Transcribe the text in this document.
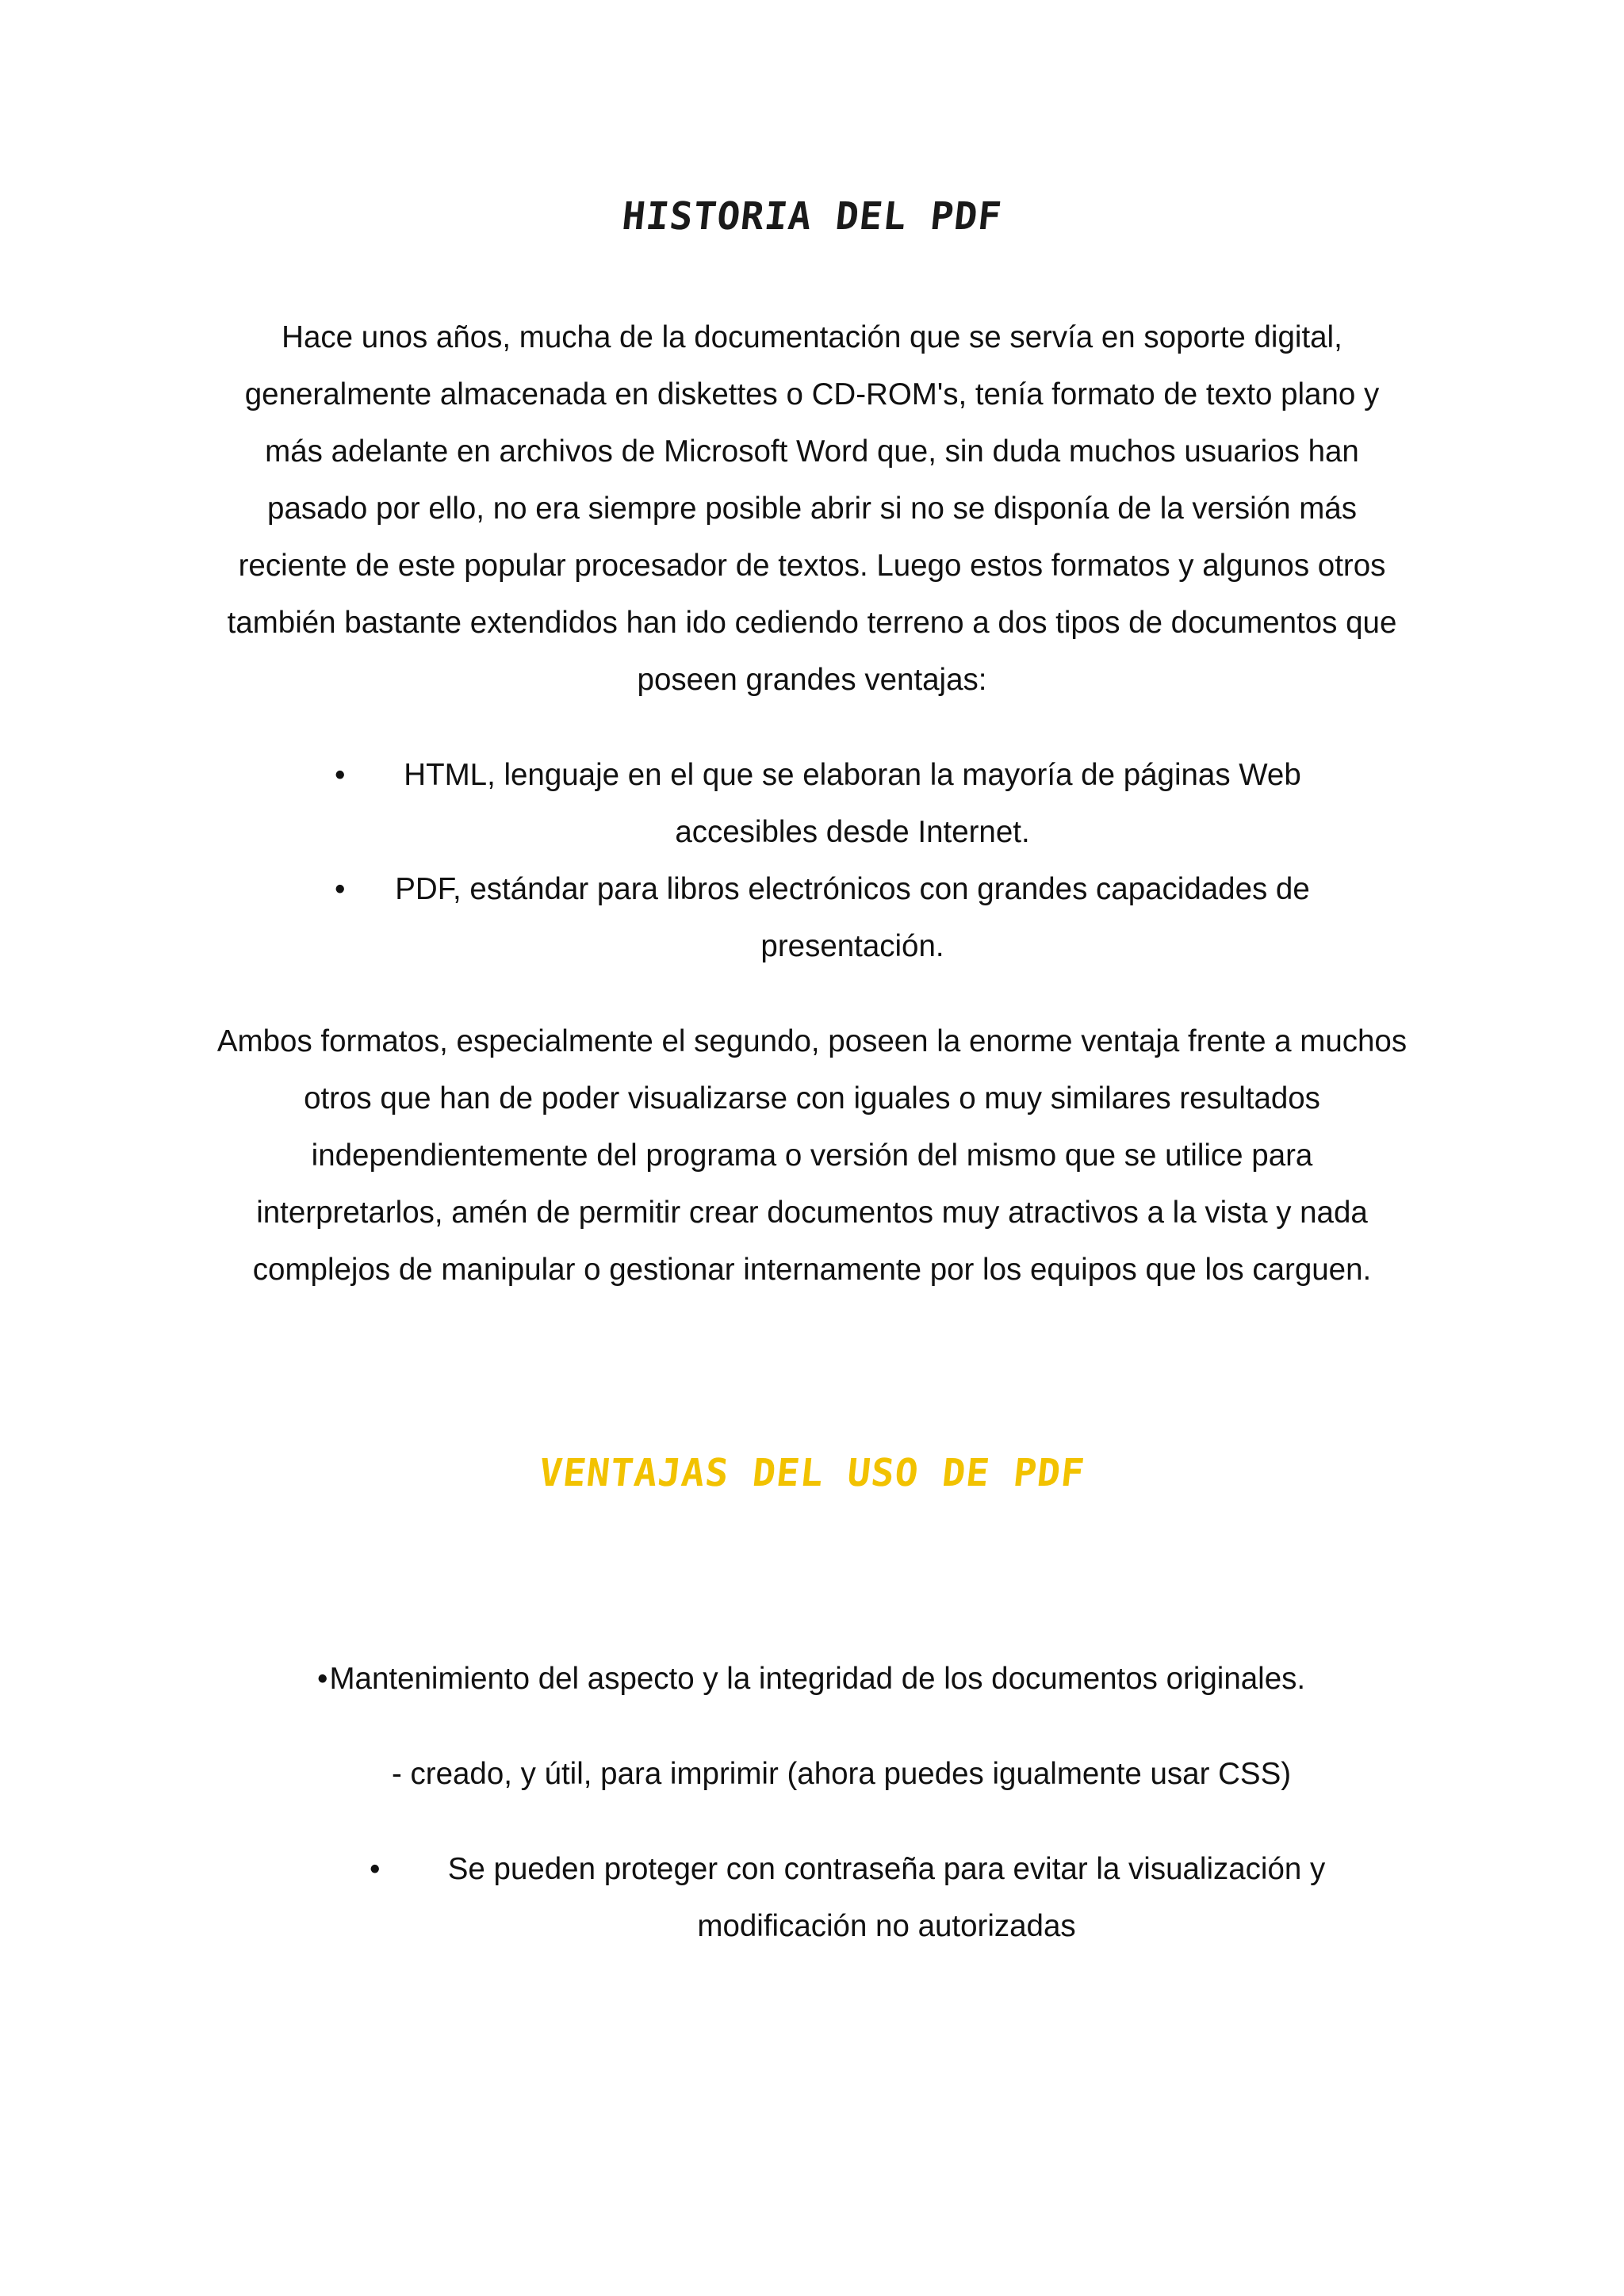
HISTORIA DEL PDF

Hace unos años, mucha de la documentación que se servía en soporte digital, generalmente almacenada en diskettes o CD-ROM's, tenía formato de texto plano y más adelante en archivos de Microsoft Word que, sin duda muchos usuarios han pasado por ello, no era siempre posible abrir si no se disponía de la versión más reciente de este popular procesador de textos. Luego estos formatos y algunos otros también bastante extendidos han ido cediendo terreno a dos tipos de documentos que poseen grandes ventajas:

• HTML, lenguaje en el que se elaboran la mayoría de páginas Web accesibles desde Internet.
• PDF, estándar para libros electrónicos con grandes capacidades de presentación.

Ambos formatos, especialmente el segundo, poseen la enorme ventaja frente a muchos otros que han de poder visualizarse con iguales o muy similares resultados independientemente del programa o versión del mismo que se utilice para interpretarlos, amén de permitir crear documentos muy atractivos a la vista y nada complejos de manipular o gestionar internamente por los equipos que los carguen.

VENTAJAS DEL USO DE PDF

•Mantenimiento del aspecto y la integridad de los documentos originales.

- creado, y útil, para imprimir (ahora puedes igualmente usar CSS)

•	Se pueden proteger con contraseña para evitar la visualización y modificación no autorizadas
